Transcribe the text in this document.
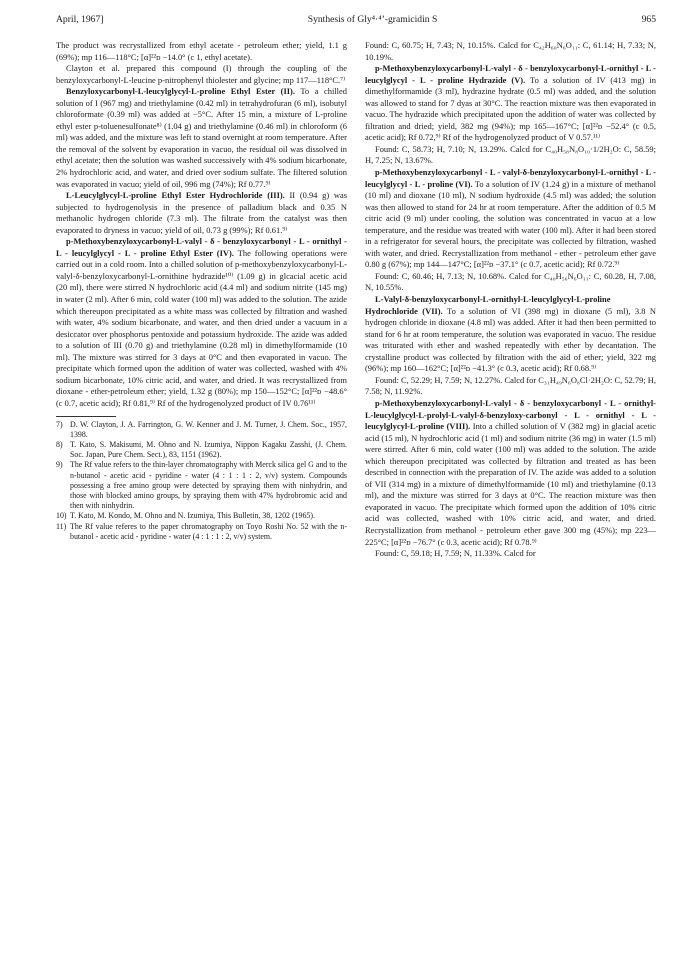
April, 1967]	Synthesis of Gly⁴·⁴’-gramicidin S	965

The product was recrystallized from ethyl acetate - petroleum ether; yield, 1.1 g (69%); mp 116—118°C; [α]²²ᴅ −14.0° (c 1, ethyl acetate).

Clayton et al. prepared this compound (I) through the coupling of the benzyloxycarbonyl-L-leucine p-nitrophenyl thiolester and glycine; mp 117—118°C.⁷⁾

Benzyloxycarbonyl-L-leucylglycyl-L-proline Ethyl Ester (II). To a chilled solution of I (967 mg) and triethylamine (0.42 ml) in tetrahydrofuran (6 ml), isobutyl chloroformate (0.39 ml) was added at −5°C. After 15 min, a mixture of L-proline ethyl ester p-toluenesulfonate⁸⁾ (1.04 g) and triethylamine (0.46 ml) in chloroform (6 ml) was added, and the mixture was left to stand overnight at room temperature. After the removal of the solvent by evaporation in vacuo, the residual oil was dissolved in ethyl acetate; then the solution was washed successively with 4% sodium bicarbonate, 2% hydrochloric acid, and water, and dried over sodium sulfate. The filtered solution was evaporated in vacuo; yield of oil, 996 mg (74%); Rf 0.77.⁹⁾

L-Leucylglycyl-L-proline Ethyl Ester Hydrochloride (III). II (0.94 g) was subjected to hydrogenolysis in the presence of palladium black and 0.35 N methanolic hydrogen chloride (7.3 ml). The filtrate from the catalyst was then evaporated to dryness in vacuo; yield of oil, 0.73 g (99%); Rf 0.61.⁹⁾

p-Methoxybenzyloxycarbonyl-L-valyl - δ - benzyloxycarbonyl - L - ornithyl - L - leucylglycyl - L - proline Ethyl Ester (IV). The following operations were carried out in a cold room. Into a chilled solution of p-methoxybenzyloxycarbonyl-L-valyl-δ-benzyloxycarbonyl-L-ornithine hydrazide¹⁰⁾ (1.09 g) in glcacial acetic acid (20 ml), there were stirred N hydrochloric acid (4.4 ml) and sodium nitrite (145 mg) in water (2 ml). After 6 min, cold water (100 ml) was added to the solution. The azide which thereupon precipitated as a white mass was collected by filtration and washed with water, 4% sodium bicarbonate, and water, and then dried under a vacuum in a desiccator over phosphorus pentoxide and potassium hydroxide. The azide was added to a solution of III (0.70 g) and triethylamine (0.28 ml) in dimethylformamide (10 ml). The mixture was stirred for 3 days at 0°C and then evaporated in vacuo. The precipitate which formed upon the addition of water was collected, washed with 4% sodium bicarbonate, 10% citric acid, and water, and dried. It was recrystallized from dioxane - ether-petroleum ether; yield, 1.32 g (80%); mp 150—152°C; [α]²²ᴅ −48.6° (c 0.7, acetic acid); Rf 0.81,⁹⁾ Rf of the hydrogenolyzed product of IV 0.76¹¹⁾

7) D. W. Clayton, J. A. Farrington, G. W. Kenner and J. M. Turner, J. Chem. Soc., 1957, 1398.

8) T. Kato, S. Makisumi, M. Ohno and N. Izumiya, Nippon Kagaku Zasshi, (J. Chem. Soc. Japan, Pure Chem. Sect.), 83, 1151 (1962).

9) The Rf value refers to the thin-layer chromatography with Merck silica gel G and to the n-butanol - acetic acid - pyridine - water (4 : 1 : 1 : 2, v/v) system. Compounds possessing a free amino group were detected by spraying them with ninhydrin, and those with blocked amino groups, by spraying them with 47% hydrobromic acid and then with ninhydrin.

10) T. Kato, M. Kondo, M. Ohno and N. Izumiya, This Bulletin, 38, 1202 (1965).

11) The Rf value referes to the paper chromatography on Toyo Roshi No. 52 with the n-butanol - acetic acid - pyridine - water (4 : 1 : 1 : 2, v/v) system.

Found: C, 60.75; H, 7.43; N, 10.15%. Calcd for C₄₂H₆₀N₆O₁₁: C, 61.14; H, 7.33; N, 10.19%.

p-Methoxybenzyloxycarbonyl-L-valyl - δ - benzyloxycarbonyl-L-ornithyl - L - leucylglycyl - L - proline Hydrazide (V). To a solution of IV (413 mg) in dimethylformamide (3 ml), hydrazine hydrate (0.5 ml) was added, and the solution was allowed to stand for 7 dyas at 30°C. The reaction mixture was then evaporated in vacuo. The hydrazide which precipitated upon the addition of water was collected by filtration and dried; yield, 382 mg (94%); mp 165—167°C; [α]²²ᴅ −52.4° (c 0.5, acetic acid); Rf 0.72,⁹⁾ Rf of the hydrogenolyzed product of V 0.57.¹¹⁾

Found: C, 58.73; H, 7.10; N, 13.29%. Calcd for C₄₀H₅₈N₈O₁₀·1/2H₂O: C, 58.59; H, 7.25; N, 13.67%.

p-Methoxybenzyloxycarbonyl - L - valyl-δ-benzyloxycarbonyl-L-ornithyl - L - leucylglycyl - L - proline (VI). To a solution of IV (1.24 g) in a mixture of methanol (10 ml) and dioxane (10 ml), N sodium hydroxide (4.5 ml) was added; the solution was then allowed to stand for 24 hr at room temperature. After the addition of 0.5 M citric acid (9 ml) under cooling, the solution was concentrated in vacuo at a low temperature, and the residue was treated with water (100 ml). After it had been stored in a refrigerator for several hours, the precipitate was collected by filtration, washed with water, and dried. Recrystallization from methanol - ether - petroleum ether gave 0.80 g (67%); mp 144—147°C; [α]²²ᴅ −37.1° (c 0.7, acetic acid); Rf 0.72.⁹⁾

Found: C, 60.46; H, 7.13; N, 10.68%. Calcd for C₄₀H₅₆N₆O₁₁: C, 60.28, H, 7.08, N, 10.55%.

L-Valyl-δ-benzyloxycarbonyl-L-ornithyl-L-leucylglycyl-L-proline Hydrochloride (VII). To a solution of VI (398 mg) in dioxane (5 ml), 3.8 N hydrogen chloride in dioxane (4.8 ml) was added. After it had then been permitted to stand for 6 hr at room temperature, the solution was evaporated in vacuo. The residue was triturated with ether and washed repeatedly with ether by decantation. The crystalline product was collected by filtration with the aid of ether; yield, 322 mg (96%); mp 160—162°C; [α]²²ᴅ −41.3° (c 0.3, acetic acid); Rf 0.68.⁹⁾

Found: C, 52.29; H, 7.59; N, 12.27%. Calcd for C₃₁H₄₉N₆O₈Cl·2H₂O: C, 52.79; H, 7.58; N, 11.92%.

p-Methoxybenzyloxycarbonyl-L-valyl - δ - benzyloxycarbonyl - L - ornithyl-L-leucylglycyl-L-prolyl-L-valyl-δ-benzyloxy-carbonyl - L - ornithyl - L - leucylglycyl-L-proline (VIII). Into a chilled solution of V (382 mg) in glacial acetic acid (15 ml), N hydrochloric acid (1 ml) and sodium nitrite (36 mg) in water (1.5 ml) were stirred. After 6 min, cold water (100 ml) was added to the solution. The azide which thereupon precipitated was collected by filtration and treated as has been described in connection with the preparation of IV. The azide was added to a solution of VII (314 mg) in a mixture of dimethylformamide (10 ml) and triethylamine (0.13 ml), and the mixture was stirred for 3 days at 0°C. The reaction mixture was then evaporated in vacuo. The precipitate which formed upon the addition of 10% citric acid was collected, washed with 10% citric acid, and water, and dried. Recrystallization from methanol - petroleum ether gave 300 mg (45%); mp 223—225°C; [α]²²ᴅ −76.7° (c 0.3, acetic acid); Rf 0.78.⁹⁾

Found: C, 59.18; H, 7.59; N, 11.33%. Calcd for
